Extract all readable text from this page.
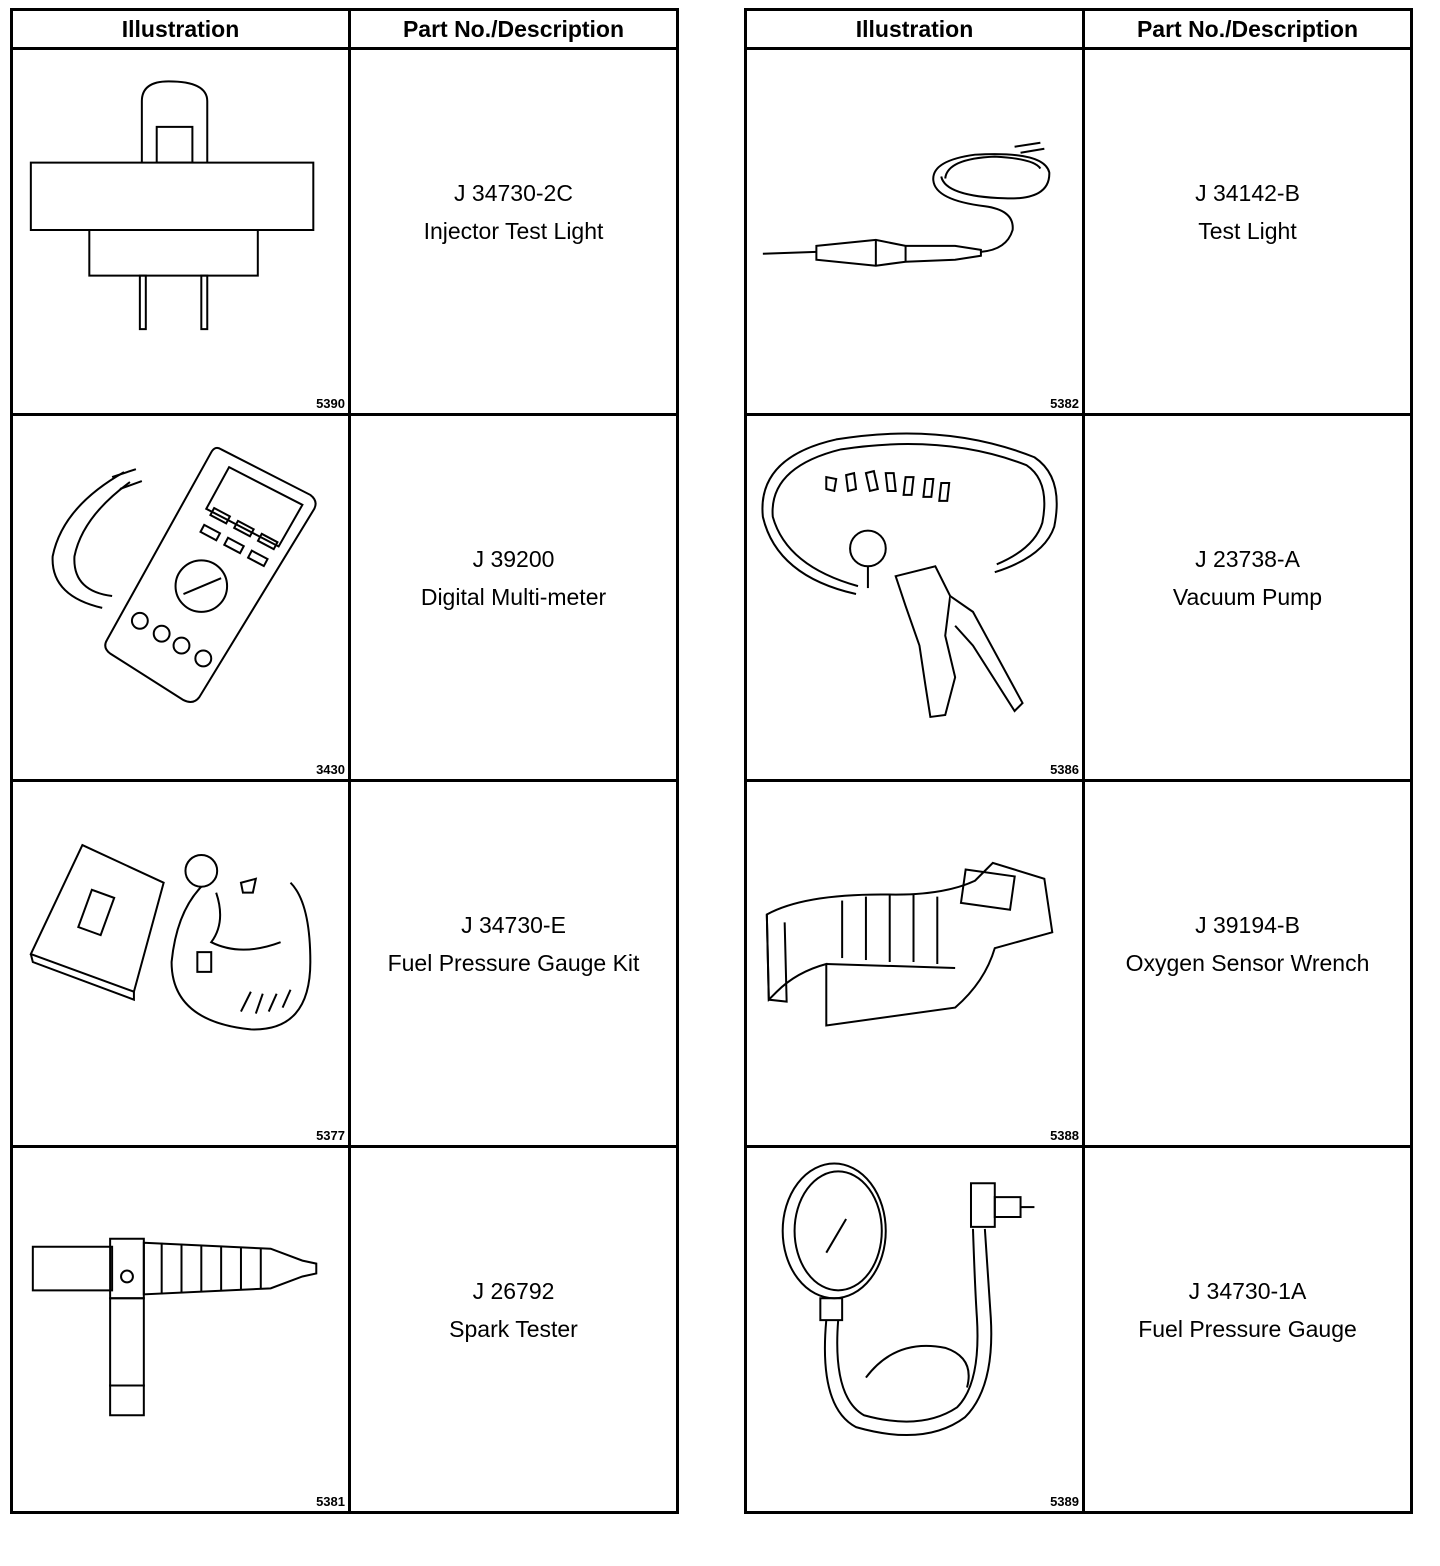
Illustration	Part No./Description

5390	J 34730-2C
Injector Test Light

3430	J 39200
Digital Multi-meter

5377	J 34730-E
Fuel Pressure Gauge Kit

5381	J 26792
Spark Tester
Illustration	Part No./Description

5382	J 34142-B
Test Light

5386	J 23738-A
Vacuum Pump

5388	J 39194-B
Oxygen Sensor Wrench

5389	J 34730-1A
Fuel Pressure Gauge
